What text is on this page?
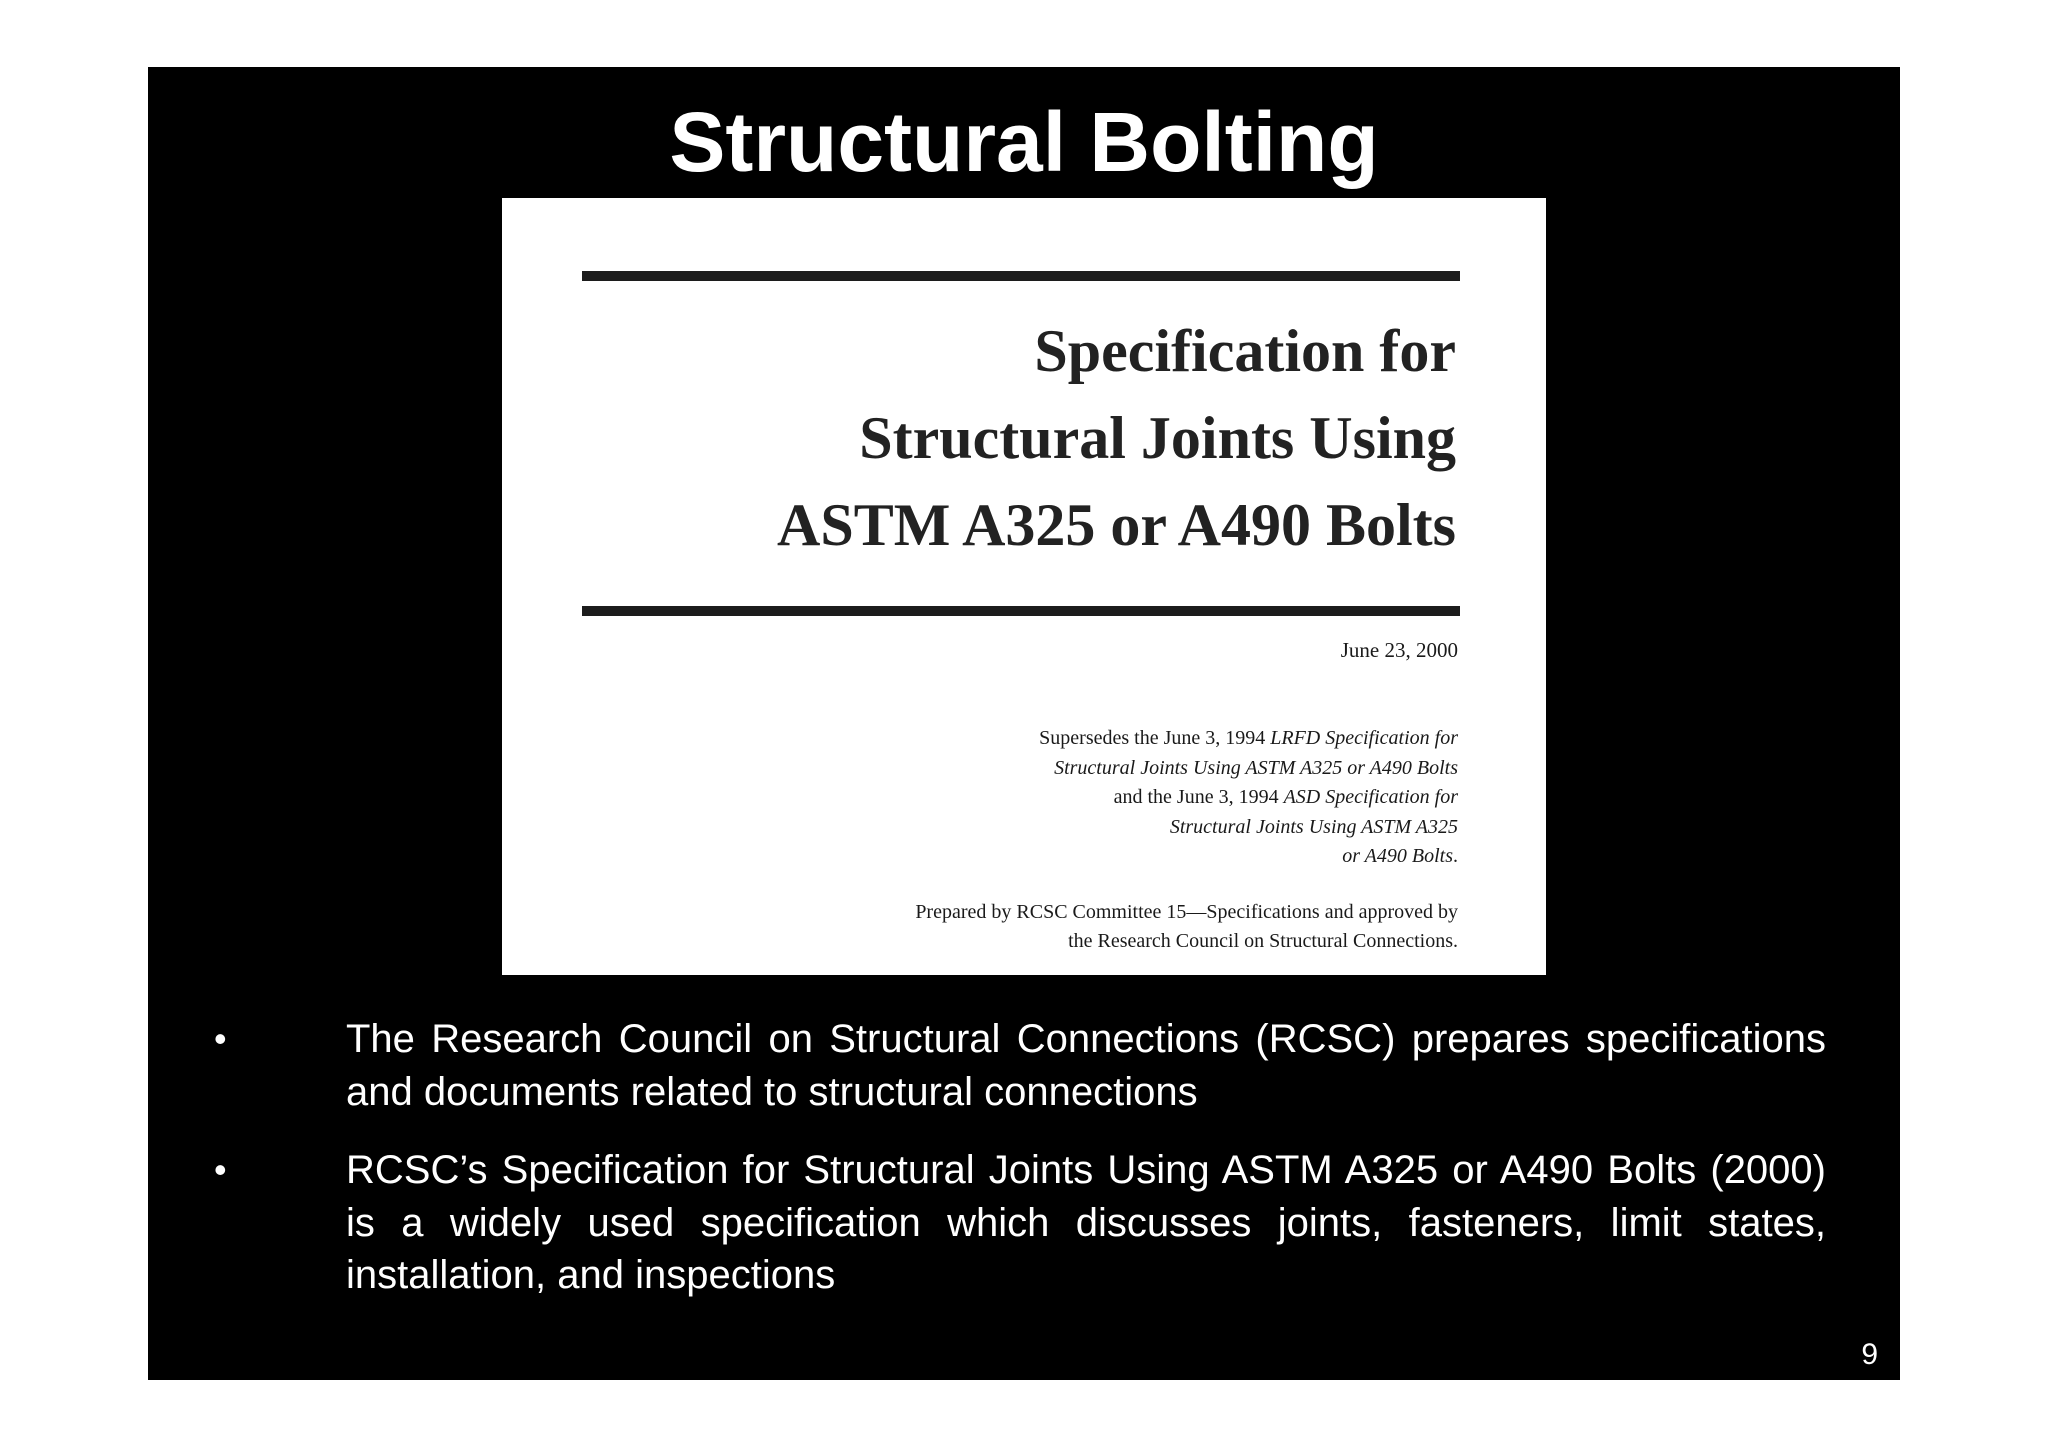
Structural Bolting
Specification for
Structural Joints Using
ASTM A325 or A490 Bolts
June 23, 2000
Supersedes the June 3, 1994 LRFD Specification for
Structural Joints Using ASTM A325 or A490 Bolts
and the June 3, 1994 ASD Specification for
Structural Joints Using ASTM A325
or A490 Bolts.
Prepared by RCSC Committee 15—Specifications and approved by
the Research Council on Structural Connections.
•	The Research Council on Structural Connections (RCSC) prepares specifications and documents related to structural connections
•	RCSC’s Specification for Structural Joints Using ASTM A325 or A490 Bolts (2000) is a widely used specification which discusses joints, fasteners, limit states, installation, and inspections
9
